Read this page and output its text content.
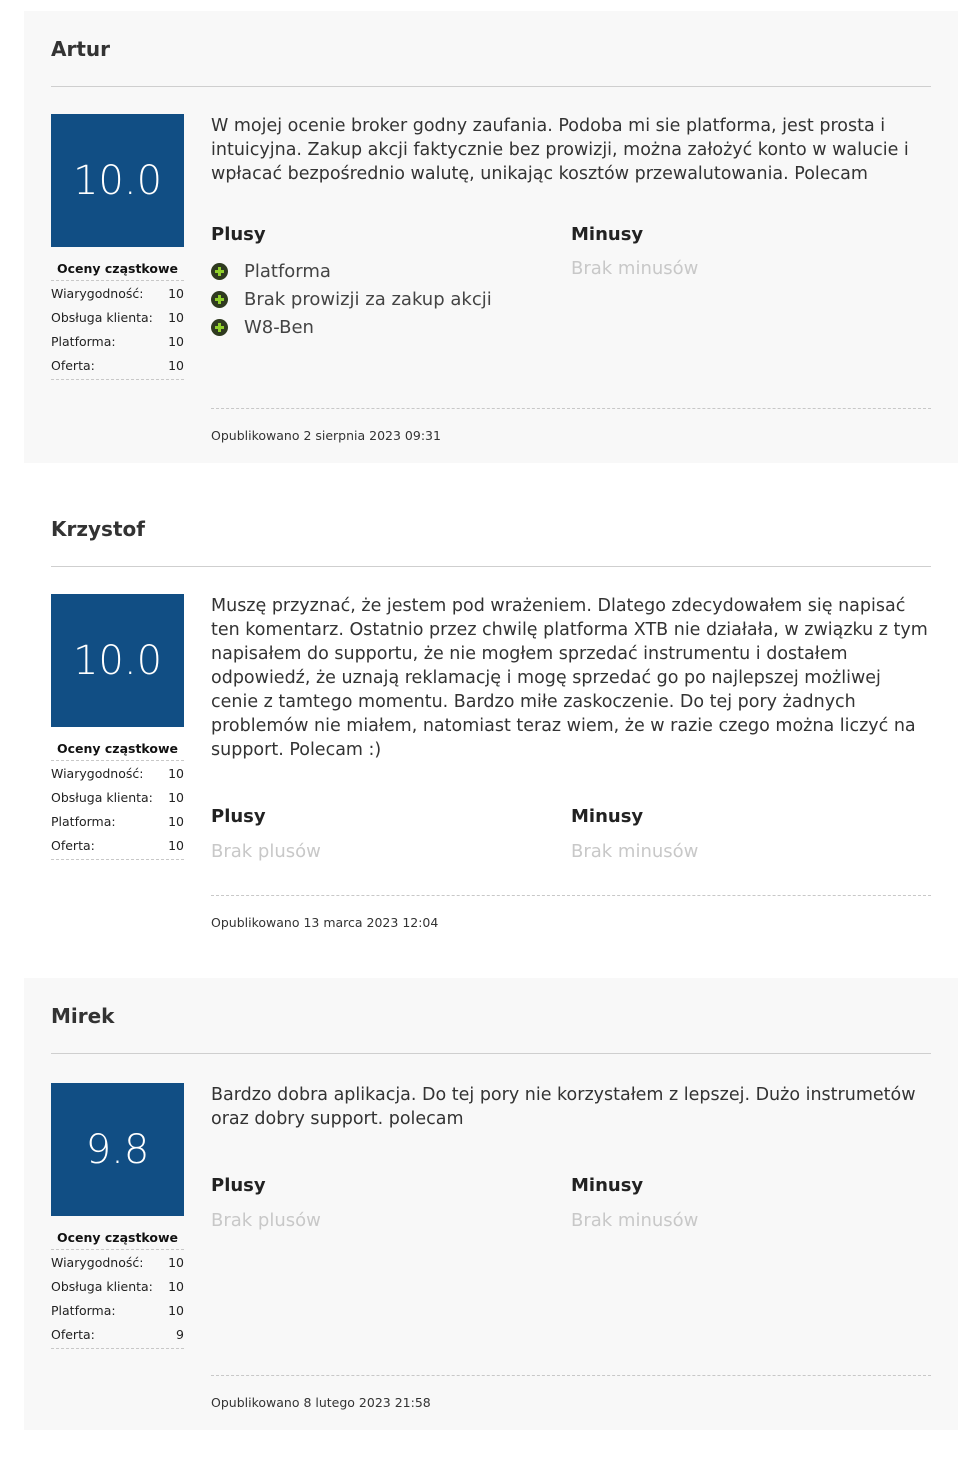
Artur
10.0
Oceny cząstkowe
Wiarygodność: 10
Obsługa klienta: 10
Platforma:	10
Oferta:	10

W mojej ocenie broker godny zaufania. Podoba mi sie platforma, jest prosta i intuicyjna. Zakup akcji faktycznie bez prowizji, można założyć konto w walucie i wpłacać bezpośrednio walutę, unikając kosztów przewalutowania. Polecam

Plusy
Platforma
Brak prowizji za zakup akcji
W8-Ben
Minusy
Brak minusów
Opublikowano 2 sierpnia 2023 09:31
Krzystof
10.0
Oceny cząstkowe
Wiarygodność: 10
Obsługa klienta: 10
Platforma:	10
Oferta:	10

Muszę przyznać, że jestem pod wrażeniem. Dlatego zdecydowałem się napisać ten komentarz. Ostatnio przez chwilę platforma XTB nie działała, w związku z tym napisałem do supportu, że nie mogłem sprzedać instrumentu i dostałem odpowiedź, że uznają reklamację i mogę sprzedać go po najlepszej możliwej cenie z tamtego momentu. Bardzo miłe zaskoczenie. Do tej pory żadnych problemów nie miałem, natomiast teraz wiem, że w razie czego można liczyć na support. Polecam :)

Plusy
Brak plusów
Minusy
Brak minusów
Opublikowano 13 marca 2023 12:04
Mirek
9.8
Oceny cząstkowe
Wiarygodność: 10
Obsługa klienta: 10
Platforma:	10
Oferta:	9

Bardzo dobra aplikacja. Do tej pory nie korzystałem z lepszej. Dużo instrumetów oraz dobry support. polecam

Plusy
Brak plusów
Minusy
Brak minusów
Opublikowano 8 lutego 2023 21:58
